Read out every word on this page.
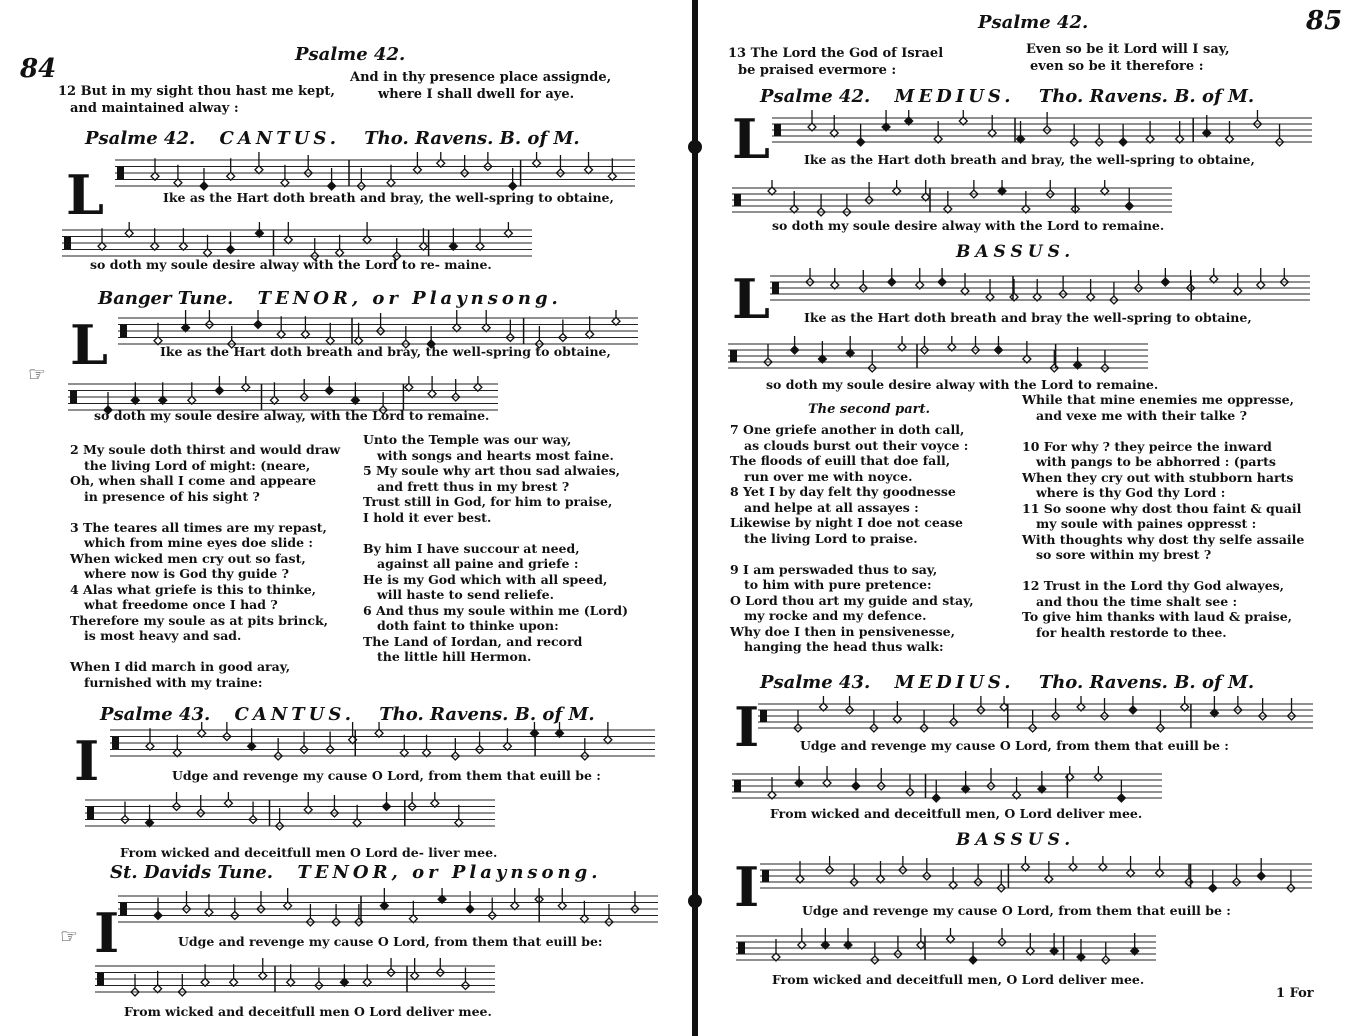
84	Psalme 42.
12 But in my sight thou hast me kept,
and maintained alway :
And in thy presence place assignde,
where I shall dwell for aye.
Psalme 42. CANTUS. Tho. Ravens. B. of M.
L	Ike as the Hart doth breath and bray, the well-spring to obtaine,
so doth my soule desire alway with the Lord to re- maine.
Banger Tune. TENOR, or Playnsong.
L
☞
Ike as the Hart doth breath and bray, the well-spring to obtaine,
so doth my soule desire alway, with the Lord to remaine.

2 My soule doth thirst and would draw

the living Lord of might: (neare,

Oh, when shall I come and appeare

in presence of his sight ?

3 The teares all times are my repast,

which from mine eyes doe slide :

When wicked men cry out so fast,

where now is God thy guide ?

4 Alas what griefe is this to thinke,

what freedome once I had ?

Therefore my soule as at pits brinck,

is most heavy and sad.

When I did march in good aray,

furnished with my traine:

Unto the Temple was our way,

with songs and hearts most faine.

5 My soule why art thou sad alwaies,

and frett thus in my brest ?

Trust still in God, for him to praise,

I hold it ever best.

By him I have succour at need,

against all paine and griefe :

He is my God which with all speed,

will haste to send reliefe.

6 And thus my soule within me (Lord)

doth faint to thinke upon:

The Land of Iordan, and record

the little hill Hermon.

Psalme 43. CANTUS. Tho. Ravens. B. of M.
I	Udge and revenge my cause O Lord, from them that euill be :
From wicked and deceitfull men O Lord de- liver mee.
St. Davids Tune. TENOR, or Playnsong.
I
☞	Udge and revenge my cause O Lord, from them that euill be:
From wicked and deceitfull men O Lord deliver mee.
Psalme 42.	85
13 The Lord the God of Israel
be praised evermore :
Even so be it Lord will I say,
even so be it therefore :
Psalme 42. MEDIUS. Tho. Ravens. B. of M.
L	Ike as the Hart doth breath and bray, the well-spring to obtaine,
so doth my soule desire alway with the Lord to remaine.
BASSUS.
L	Ike as the Hart doth breath and bray the well-spring to obtaine,
so doth my soule desire alway with the Lord to remaine.
The second part.

7 One griefe another in doth call,

as clouds burst out their voyce :

The floods of euill that doe fall,

run over me with noyce.

8 Yet I by day felt thy goodnesse

and helpe at all assayes :

Likewise by night I doe not cease

the living Lord to praise.

9 I am perswaded thus to say,

to him with pure pretence:

O Lord thou art my guide and stay,

my rocke and my defence.

Why doe I then in pensivenesse,

hanging the head thus walk:

While that mine enemies me oppresse,

and vexe me with their talke ?

10 For why ? they peirce the inward

with pangs to be abhorred : (parts

When they cry out with stubborn harts

where is thy God thy Lord :

11 So soone why dost thou faint & quail

my soule with paines oppresst :

With thoughts why dost thy selfe assaile

so sore within my brest ?

12 Trust in the Lord thy God alwayes,

and thou the time shalt see :

To give him thanks with laud & praise,

for health restorde to thee.

Psalme 43. MEDIUS. Tho. Ravens. B. of M.
I	Udge and revenge my cause O Lord, from them that euill be :
From wicked and deceitfull men, O Lord deliver mee.
BASSUS.
I	Udge and revenge my cause O Lord, from them that euill be :
From wicked and deceitfull men, O Lord deliver mee.
1 For
